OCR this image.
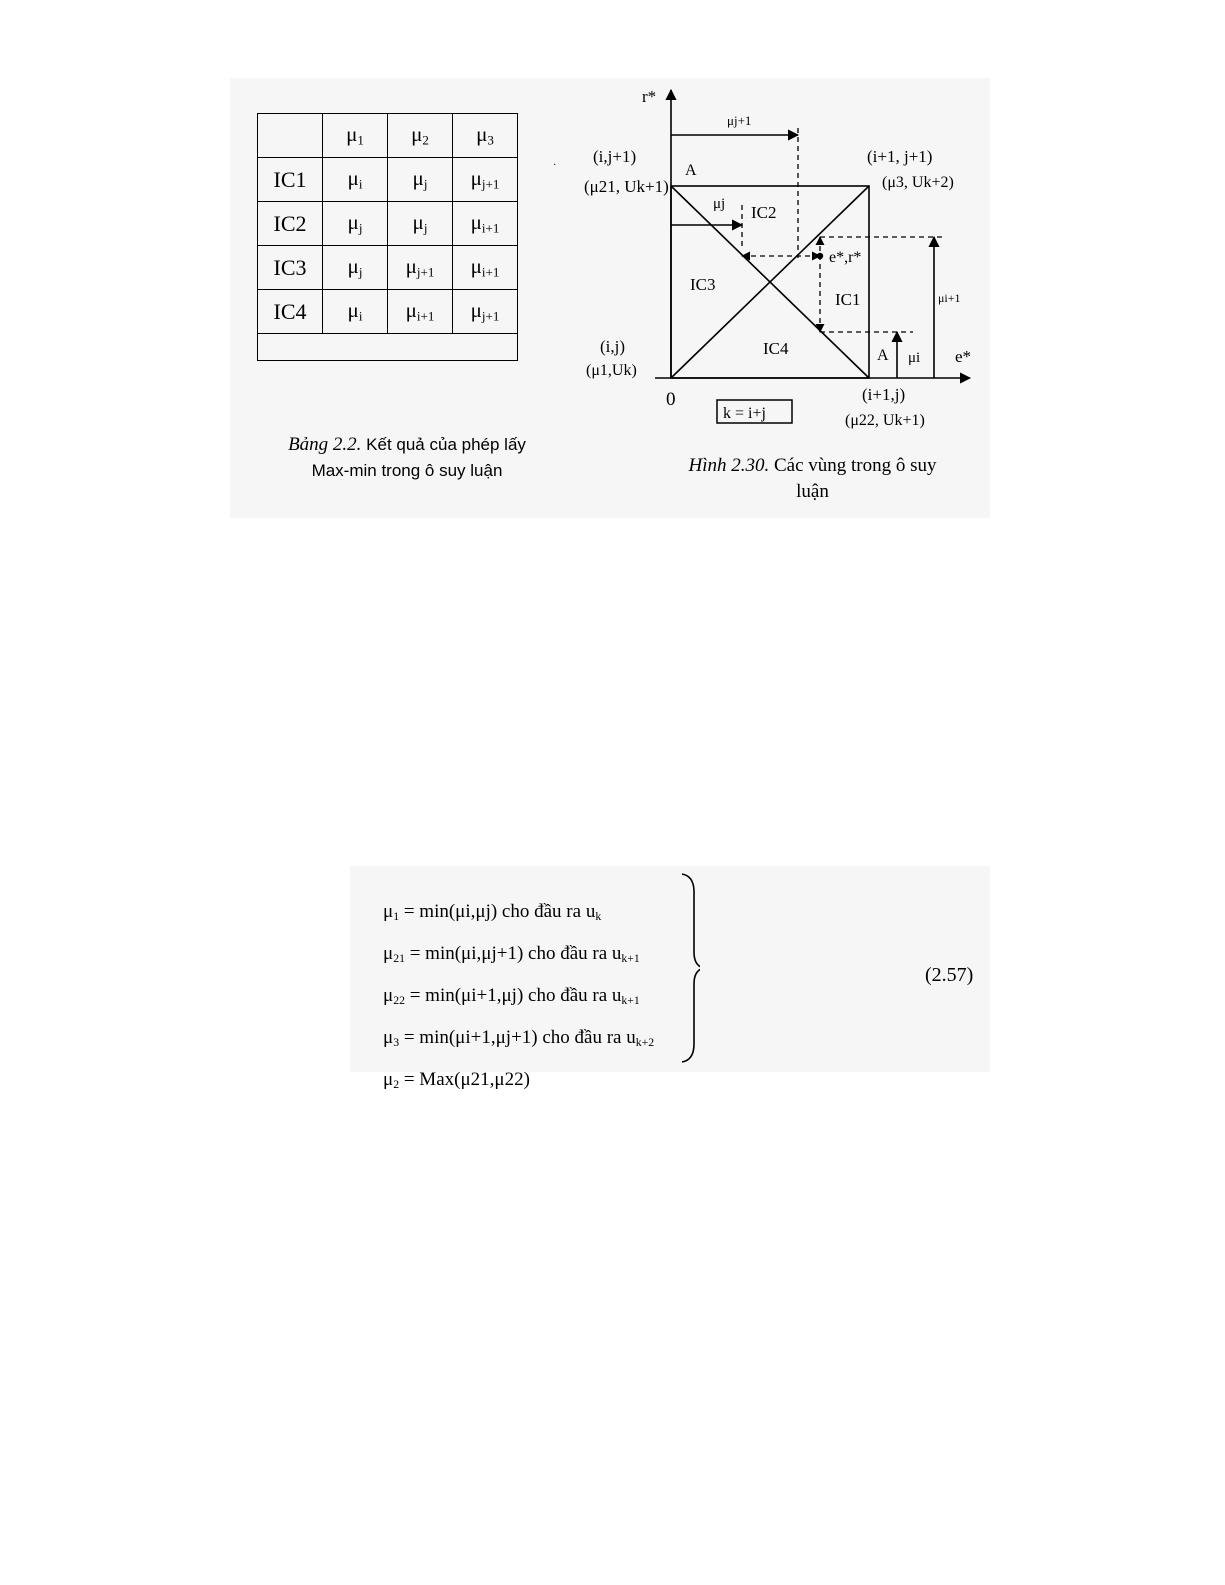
·
	$\mu_1$	$\mu_2$	$\mu_3$
IC1	$\mu_i$	$\mu_j$	$\mu_{j+1}$
IC2	$\mu_j$	$\mu_j$	$\mu_{i+1}$
IC3	$\mu_j$	$\mu_{j+1}$	$\mu_{i+1}$
IC4	$\mu_i$	$\mu_{i+1}$	$\mu_{j+1}$

Bảng 2.2. Kết quả của phép lấy
Max-min trong ô suy luận
r*
e*
0
(i,j+1)
(μ21, Uk+1)
(i+1, j+1)
(μ3, Uk+2)
(i,j)
(μ1,Uk)
(i+1,j)
(μ22, Uk+1)
k = i+j
A
A
IC1
IC2
IC3
IC4
μj+1
μj
μi+1
μi
e*,r*
Hình 2.30. Các vùng trong ô suy
luận
$\mu_1 = \min(\mu i,\mu j)$ cho đầu ra $u_k$
$\mu_{21} = \min(\mu i,\mu j+1)$ cho đầu ra $u_{k+1}$
$\mu_{22} = \min(\mu i+1,\mu j)$ cho đầu ra $u_{k+1}$
$\mu_3 = \min(\mu i+1,\mu j+1)$ cho đầu ra $u_{k+2}$
$\mu_2 = Max(\mu 21,\mu 22)$
(2.57)
